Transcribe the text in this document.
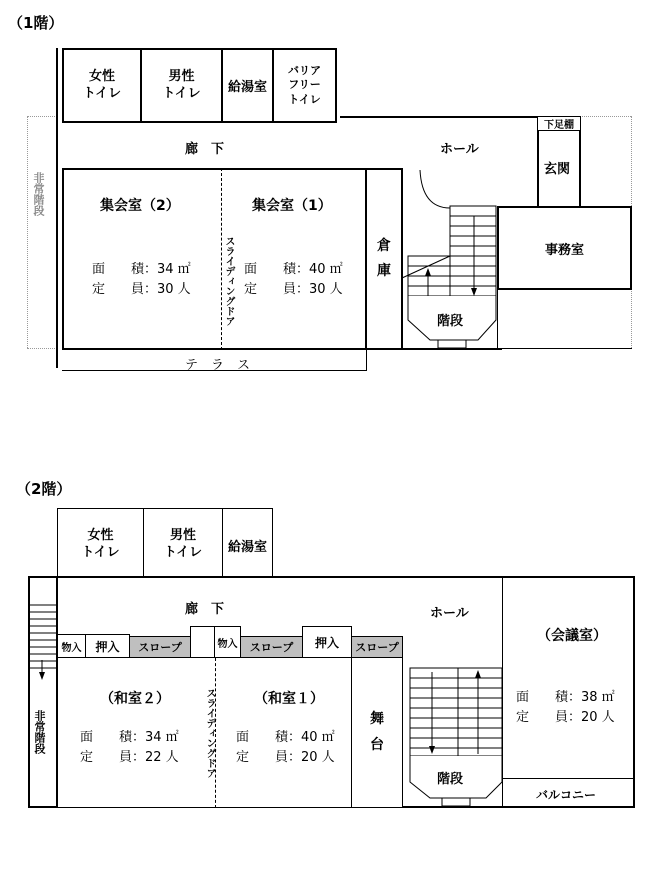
（1階）
非常階段
女性
トイレ
男性
トイレ 給湯室
バリア
フリー
トイレ
廊　下	ホール
下足棚
玄関
事務室
スライディングドア
集会室（2）
面　　積：34 ㎡
定　　員：30 人
集会室（1）
面　　積：40 ㎡
定　　員：30 人
倉
庫
階段
テ　ラ　ス
（2階）
女性
トイレ
男性
トイレ 給湯室
非常階段
廊　下	ホール
物入 押入 スロープ	物入 スロープ 押入 スロープ
スライディングドア
（和室２）
面　　積：34 ㎡
定　　員：22 人
（和室１）
面　　積：40 ㎡
定　　員：20 人
舞
台
階段
（会議室）
面　　積：38 ㎡
定　　員：20 人
バルコニー
